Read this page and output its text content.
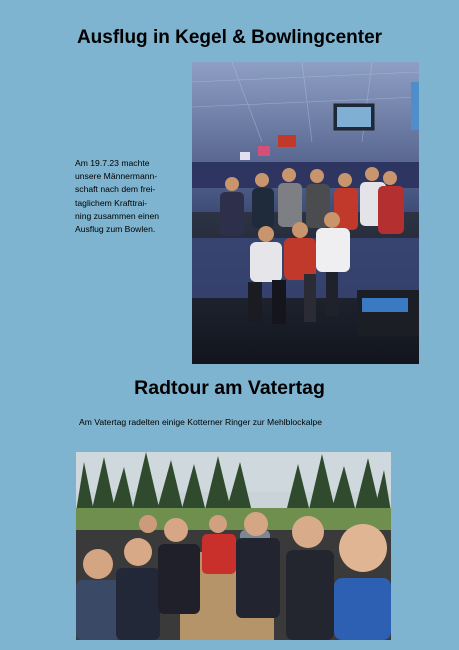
Ausflug in Kegel & Bowlingcenter
Am 19.7.23 machte
unsere Männermann-
schaft nach dem frei-
taglichem Krafttrai-
ning zusammen einen
Ausflug zum Bowlen.
Radtour am Vatertag
Am Vatertag radelten einige Kotterner Ringer zur Mehlblockalpe
